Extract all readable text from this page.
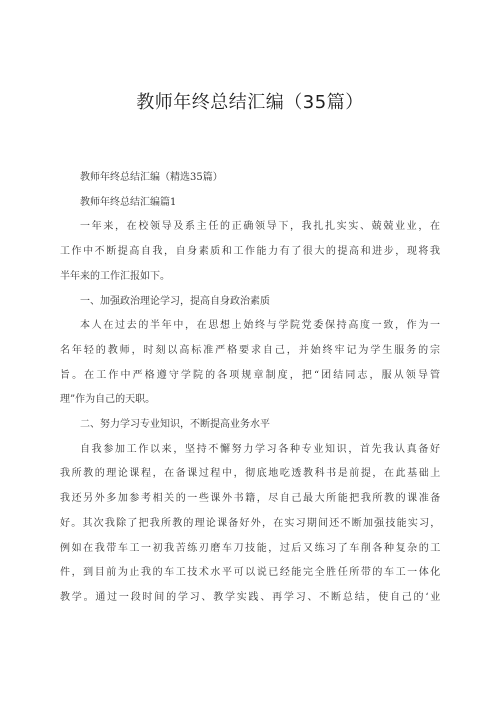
教师年终总结汇编（35篇）
教师年终总结汇编（精选35篇）
教师年终总结汇编篇1
一年来，在校领导及系主任的正确领导下，我扎扎实实、兢兢业业，在
工作中不断提高自我，自身素质和工作能力有了很大的提高和进步，现将我
半年来的工作汇报如下。
一、加强政治理论学习，提高自身政治素质
本人在过去的半年中，在思想上始终与学院党委保持高度一致，作为一
名年轻的教师，时刻以高标准严格要求自己，并始终牢记为学生服务的宗
旨。在工作中严格遵守学院的各项规章制度，把“团结同志，服从领导管
理”作为自己的天职。
二、努力学习专业知识，不断提高业务水平
自我参加工作以来，坚持不懈努力学习各种专业知识，首先我认真备好
我所教的理论课程，在备课过程中，彻底地吃透教科书是前提，在此基础上
我还另外多加参考相关的一些课外书籍，尽自己最大所能把我所教的课准备
好。其次我除了把我所教的理论课备好外，在实习期间还不断加强技能实习，
例如在我带车工一初我苦练刃磨车刀技能，过后又练习了车削各种复杂的工
件，到目前为止我的车工技术水平可以说已经能完全胜任所带的车工一体化
教学。通过一段时间的学习、教学实践、再学习、不断总结，使自己的‘业
